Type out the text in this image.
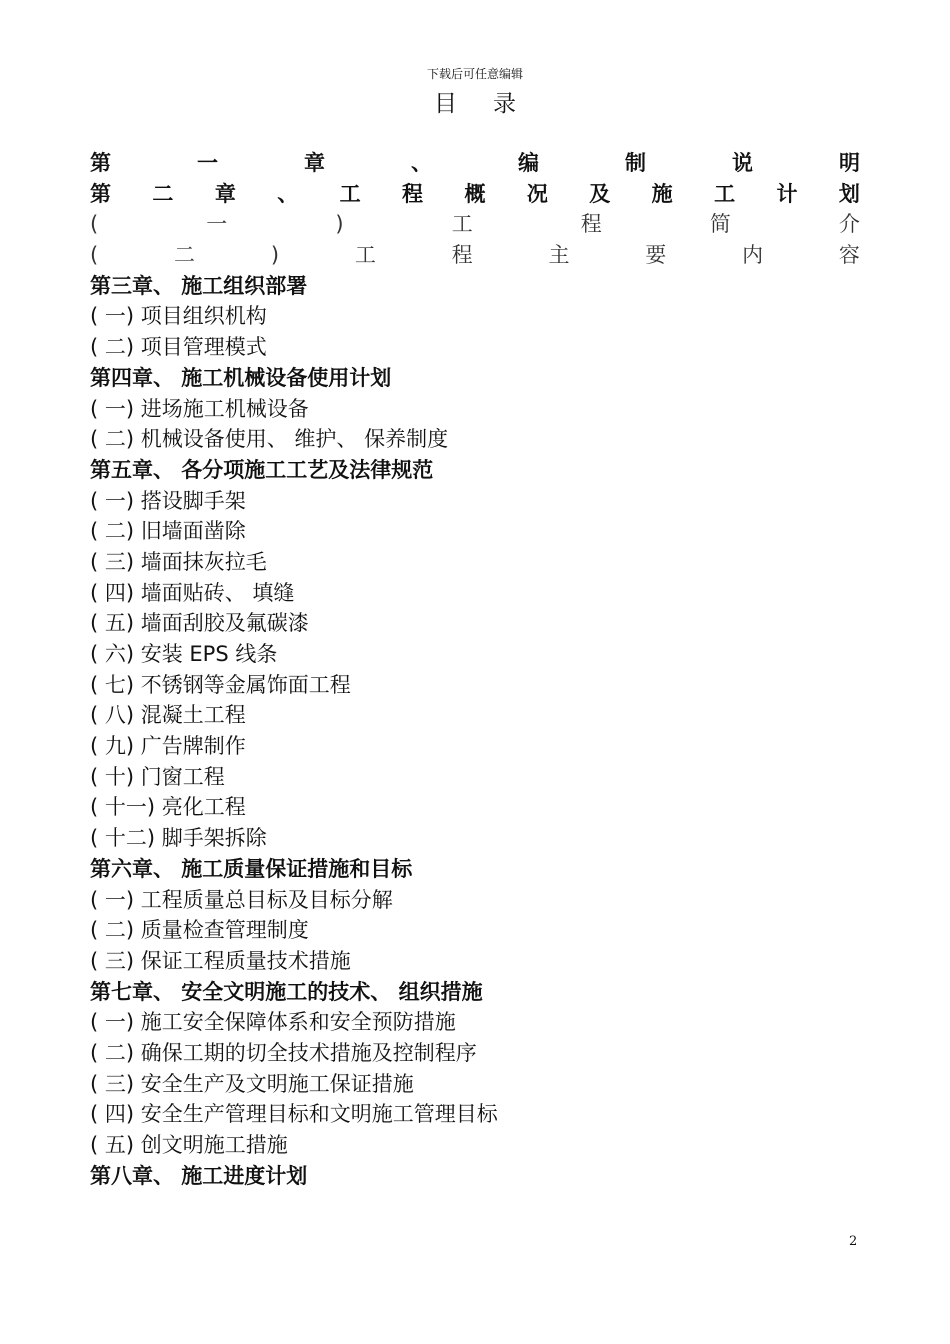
下载后可任意编辑
目录
第	一	章	、	编	制	说	明
第 二 章 、 工 程 概 况 及 施 工 计 划
(	一	)	工	程	简	介
(	二	)	工	程	主	要	内	容
第三章、 施工组织部署
( 一) 项目组织机构
( 二) 项目管理模式
第四章、 施工机械设备使用计划
( 一) 进场施工机械设备
( 二) 机械设备使用、 维护、 保养制度
第五章、 各分项施工工艺及法律规范
( 一) 搭设脚手架
( 二) 旧墙面凿除
( 三) 墙面抹灰拉毛
( 四) 墙面贴砖、 填缝
( 五) 墙面刮胶及氟碳漆
( 六) 安装 EPS 线条
( 七) 不锈钢等金属饰面工程
( 八) 混凝土工程
( 九) 广告牌制作
( 十) 门窗工程
( 十一) 亮化工程
( 十二) 脚手架拆除
第六章、 施工质量保证措施和目标
( 一) 工程质量总目标及目标分解
( 二) 质量检查管理制度
( 三) 保证工程质量技术措施
第七章、 安全文明施工的技术、 组织措施
( 一) 施工安全保障体系和安全预防措施
( 二) 确保工期的切全技术措施及控制程序
( 三) 安全生产及文明施工保证措施
( 四) 安全生产管理目标和文明施工管理目标
( 五) 创文明施工措施
第八章、 施工进度计划
2
